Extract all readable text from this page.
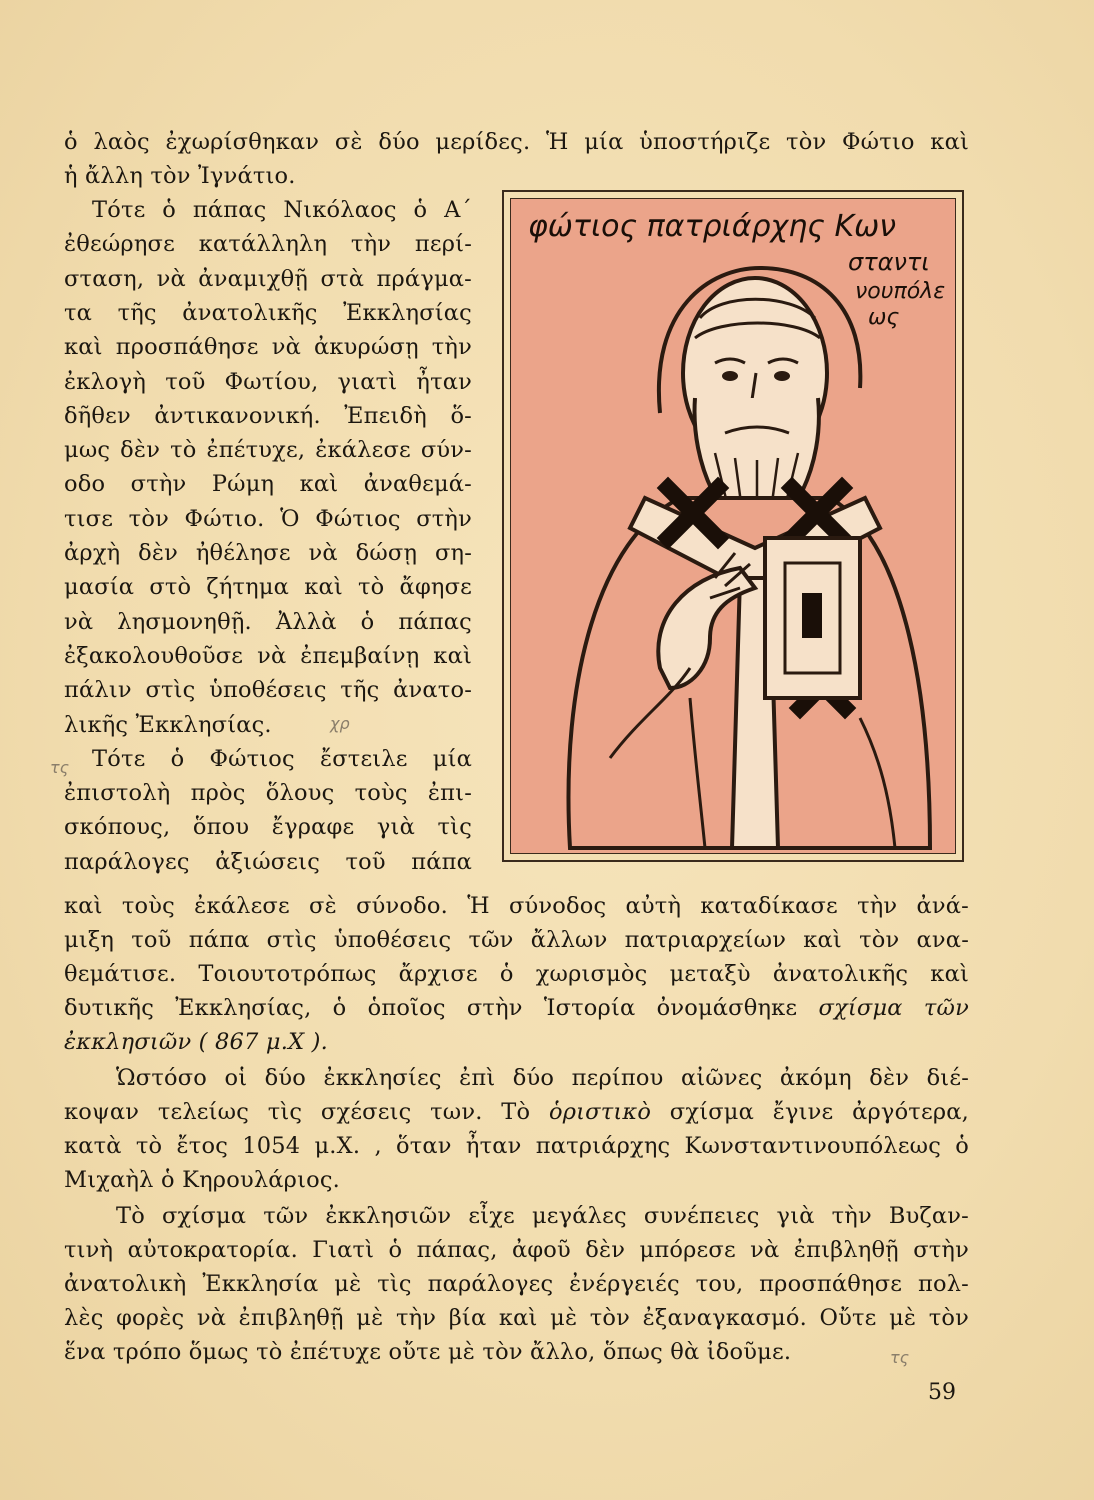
ὁ λαὸς ἐχωρίσθηκαν σὲ δύο μερίδες. Ἡ μία ὑποστήριζε τὸν Φώτιο καὶ
ἡ ἄλλη τὸν Ἰγνάτιο.
Τότε ὁ πάπας Νικόλαος ὁ Α΄
ἐθεώρησε κατάλληλη τὴν περί-
σταση, νὰ ἀναμιχθῇ στὰ πράγμα-
τα τῆς ἀνατολικῆς Ἐκκλησίας
καὶ προσπάθησε νὰ ἀκυρώσῃ τὴν
ἐκλογὴ τοῦ Φωτίου, γιατὶ ἦταν
δῆθεν ἀντικανονική. Ἐπειδὴ ὅ-
μως δὲν τὸ ἐπέτυχε, ἐκάλεσε σύν-
οδο στὴν Ρώμη καὶ ἀναθεμά-
τισε τὸν Φώτιο. Ὁ Φώτιος στὴν
ἀρχὴ δὲν ἠθέλησε νὰ δώσῃ ση-
μασία στὸ ζήτημα καὶ τὸ ἄφησε
νὰ λησμονηθῇ. Ἀλλὰ ὁ πάπας
ἐξακολουθοῦσε νὰ ἐπεμβαίνῃ καὶ
πάλιν στὶς ὑποθέσεις τῆς ἀνατο-
λικῆς Ἐκκλησίας.
Τότε ὁ Φώτιος ἔστειλε μία
ἐπιστολὴ πρὸς ὅλους τοὺς ἐπι-
σκόπους, ὅπου ἔγραφε γιὰ τὶς
παράλογες ἀξιώσεις τοῦ πάπα
φώτιος πατριάρχης Κων
σταντι
νουπόλε
ως
καὶ τοὺς ἐκάλεσε σὲ σύνοδο. Ἡ σύνοδος αὐτὴ καταδίκασε τὴν ἀνά-
μιξη τοῦ πάπα στὶς ὑποθέσεις τῶν ἄλλων πατριαρχείων καὶ τὸν ανα-
θεμάτισε. Τοιουτοτρόπως ἄρχισε ὁ χωρισμὸς μεταξὺ ἀνατολικῆς καὶ
δυτικῆς Ἐκκλησίας, ὁ ὁποῖος στὴν Ἱστορία ὀνομάσθηκε σχίσμα τῶν
ἐκκλησιῶν ( 867 μ.Χ ).
Ὡστόσο οἱ δύο ἐκκλησίες ἐπὶ δύο περίπου αἰῶνες ἀκόμη δὲν διέ-
κοψαν τελείως τὶς σχέσεις των. Τὸ ὁριστικὸ σχίσμα ἔγινε ἀργότερα,
κατὰ τὸ ἔτος 1054 μ.Χ. , ὅταν ἦταν πατριάρχης Κωνσταντινουπόλεως ὁ
Μιχαὴλ ὁ Κηρουλάριος.
Τὸ σχίσμα τῶν ἐκκλησιῶν εἶχε μεγάλες συνέπειες γιὰ τὴν Βυζαν-
τινὴ αὐτοκρατορία. Γιατὶ ὁ πάπας, ἀφοῦ δὲν μπόρεσε νὰ ἐπιβληθῇ στὴν
ἀνατολικὴ Ἐκκλησία μὲ τὶς παράλογες ἐνέργειές του, προσπάθησε πολ-
λὲς φορὲς νὰ ἐπιβληθῇ μὲ τὴν βία καὶ μὲ τὸν ἐξαναγκασμό. Οὔτε μὲ τὸν
ἕνα τρόπο ὅμως τὸ ἐπέτυχε οὔτε μὲ τὸν ἄλλο, ὅπως θὰ ἰδοῦμε.
χρ
τς
τς
59
